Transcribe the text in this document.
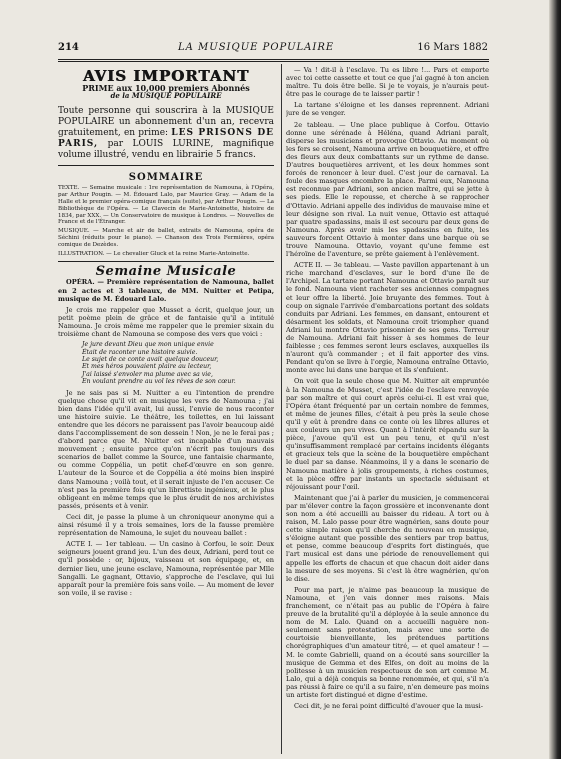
214	LA MUSIQUE POPULAIRE	16 Mars 1882
AVIS IMPORTANT
PRIME aux 10,000 premiers Abonnés
de la MUSIQUE POPULAIRE
Toute personne qui souscrira à la MUSIQUE POPULAIRE un abonnement d'un an, recevra gratuitement, en prime: LES PRISONS DE PARIS, par LOUIS LURINE, magnifique volume illustré, vendu en librairie 5 francs.
SOMMAIRE
TEXTE. — Semaine musicale : 1re représentation de Namouna, à l'Opéra, par Arthur Pougin. — M. Édouard Lalo, par Maurice Gray. — Adam de la Halle et le premier opéra-comique français (suite), par Arthur Pougin. — La Bibliothèque de l'Opéra. — Le Clavecin de Marie-Antoinette, histoire de 1834, par XXX. — Un Conservatoire de musique à Londres. — Nouvelles de France et de l'Étranger.
MUSIQUE. — Marche et air de ballet, extraits de Namouna, opéra de Séchini (réduits pour le piano). — Chanson des Trois Fermières, opéra comique de Dezèdes.
ILLUSTRATION. — Le chevalier Gluck et la reine Marie-Antoinette.
Semaine Musicale
OPÉRA. — Première représentation de Namouna, ballet en 2 actes et 3 tableaux, de MM. Nuitter et Petipa, musique de M. Édouard Lalo.
Je crois me rappeler que Musset a écrit, quelque jour, un petit poème plein de grâce et de fantaisie qu'il a intitulé Namouna. Je crois même me rappeler que le premier sixain du troisième chant de Namouna se compose des vers que voici :
Je jure devant Dieu que mon unique envie
Était de raconter une histoire suivie.
Le sujet de ce conte avait quelque douceur,
Et mes héros pouvaient plaire au lecteur,
J'ai laissé s'envoler ma plume avec sa vie,
En voulant prendre au vol les rêves de son cœur.
Je ne sais pas si M. Nuitter a eu l'intention de prendre quelque chose qu'il vit en musique les vers de Namouna ; j'ai bien dans l'idée qu'il avait, lui aussi, l'envie de nous raconter une histoire suivie. Le théâtre, les toilettes, en lui laissant entendre que les décors ne paraissent pas l'avoir beaucoup aidé dans l'accomplissement de son dessein ! Non, je ne le ferai pas ; d'abord parce que M. Nuitter est incapable d'un mauvais mouvement ; ensuite parce qu'on n'écrit pas toujours des scenarios de ballet comme la Source, une fantaisie charmante, ou comme Coppélia, un petit chef-d'œuvre en son genre. L'auteur de la Source et de Coppélia a été moins bien inspiré dans Namouna ; voilà tout, et il serait injuste de l'en accuser. Ce n'est pas la première fois qu'un librettiste ingénieux, et le plus obligeant en même temps que le plus érudit de nos archivistes passés, présents et à venir.
Ceci dit, je passe la plume à un chroniqueur anonyme qui a ainsi résumé il y a trois semaines, lors de la fausse première représentation de Namouna, le sujet du nouveau ballet :
ACTE I. — 1er tableau. — Un casino à Corfou, le soir. Deux seigneurs jouent grand jeu. L'un des deux, Adriani, perd tout ce qu'il possède : or, bijoux, vaisseau et son équipage, et, en dernier lieu, une jeune esclave, Namouna, représentée par Mlle Sangalli. Le gagnant, Ottavio, s'approche de l'esclave, qui lui apparaît pour la première fois sans voile. — Au moment de lever son voile, il se ravise :
— Va ! dit-il à l'esclave. Tu es libre !... Pars et emporte avec toi cette cassette et tout ce que j'ai gagné à ton ancien maître. Tu dois être belle. Si je te voyais, je n'aurais peut-être pas le courage de te laisser partir !
La tartane s'éloigne et les danses reprennent. Adriani jure de se venger.
2e tableau. — Une place publique à Corfou. Ottavio donne une sérénade à Héléna, quand Adriani paraît, disperse les musiciens et provoque Ottavio. Au moment où les fers se croisent, Namouna arrive en bouquetière, et offre des fleurs aux deux combattants sur un rythme de danse. D'autres bouquetières arrivent, et les deux hommes sont forcés de renoncer à leur duel. C'est jour de carnaval. La foule des masques encombre la place. Parmi eux, Namouna est reconnue par Adriani, son ancien maître, qui se jette à ses pieds. Elle le repousse, et cherche à se rapprocher d'Ottavio. Adriani appelle des individus de mauvaise mine et leur désigne son rival. La nuit venue, Ottavio est attaqué par quatre spadassins, mais il est secouru par deux gens de Namouna. Après avoir mis les spadassins en fuite, les sauveurs forcent Ottavio à monter dans une barque où se trouve Namouna. Ottavio, voyant qu'une femme est l'héroïne de l'aventure, se prête gaiement à l'enlèvement.
ACTE II. — 3e tableau. — Vaste pavillon appartenant à un riche marchand d'esclaves, sur le bord d'une île de l'Archipel. La tartane portant Namouna et Ottavio paraît sur le fond. Namouna vient racheter ses anciennes compagnes et leur offre la liberté. Joie bruyante des femmes. Tout à coup on signale l'arrivée d'embarcations portant des soldats conduits par Adriani. Les femmes, en dansant, entourent et désarment les soldats, et Namouna croit triompher quand Adriani lui montre Ottavio prisonnier de ses gens. Terreur de Namouna. Adriani fait hisser à ses hommes de leur faiblesse ; ces femmes seront leurs esclaves, auxquelles ils n'auront qu'à commander ; et il fait apporter des vins. Pendant qu'on se livre à l'orgie, Namouna entraîne Ottavio, monte avec lui dans une barque et ils s'enfuient.
On voit que la seule chose que M. Nuitter ait empruntée à la Namouna de Musset, c'est l'idée de l'esclave renvoyée par son maître et qui court après celui-ci. Il est vrai que, l'Opéra étant fréquenté par un certain nombre de femmes, et même de jeunes filles, c'était à peu près la seule chose qu'il y eût à prendre dans ce conte où les libres allures et aux couleurs un peu vives. Quant à l'intérêt répandu sur la pièce, j'avoue qu'il est un peu tenu, et qu'il n'est qu'insuffisamment remplacé par certains incidents élégants et gracieux tels que la scène de la bouquetière empêchant le duel par sa danse. Néanmoins, il y a dans le scenario de Namouna matière à jolis groupements, à riches costumes, et la pièce offre par instants un spectacle séduisant et réjouissant pour l'œil.
Maintenant que j'ai à parler du musicien, je commencerai par m'élever contre la façon grossière et inconvenante dont son nom a été accueilli au baisser du rideau. À tort ou à raison, M. Lalo passe pour être wagnérien, sans doute pour cette simple raison qu'il cherche du nouveau en musique, s'éloigne autant que possible des sentiers par trop battus, et pense, comme beaucoup d'esprits fort distingués, que l'art musical est dans une période de renouvellement qui appelle les efforts de chacun et que chacun doit aider dans la mesure de ses moyens. Si c'est là être wagnérien, qu'on le dise.
Pour ma part, je n'aime pas beaucoup la musique de Namouna, et j'en vais donner mes raisons. Mais franchement, ce n'était pas au public de l'Opéra à faire preuve de la brutalité qu'il a déployée à la seule annonce du nom de M. Lalo. Quand on a accueilli naguère non-seulement sans protestation, mais avec une sorte de courtoisie bienveillante, les prétendues partitions chorégraphiques d'un amateur titré, — et quel amateur ! — M. le comte Gabrielli, quand on a écouté sans sourciller la musique de Gemma et des Elfes, on doit au moins de la politesse à un musicien respectueux de son art comme M. Lalo, qui a déjà conquis sa bonne renommée, et qui, s'il n'a pas réussi à faire ce qu'il a su faire, n'en demeure pas moins un artiste fort distingué et digne d'estime.
Ceci dit, je ne ferai point difficulté d'avouer que la musi-
